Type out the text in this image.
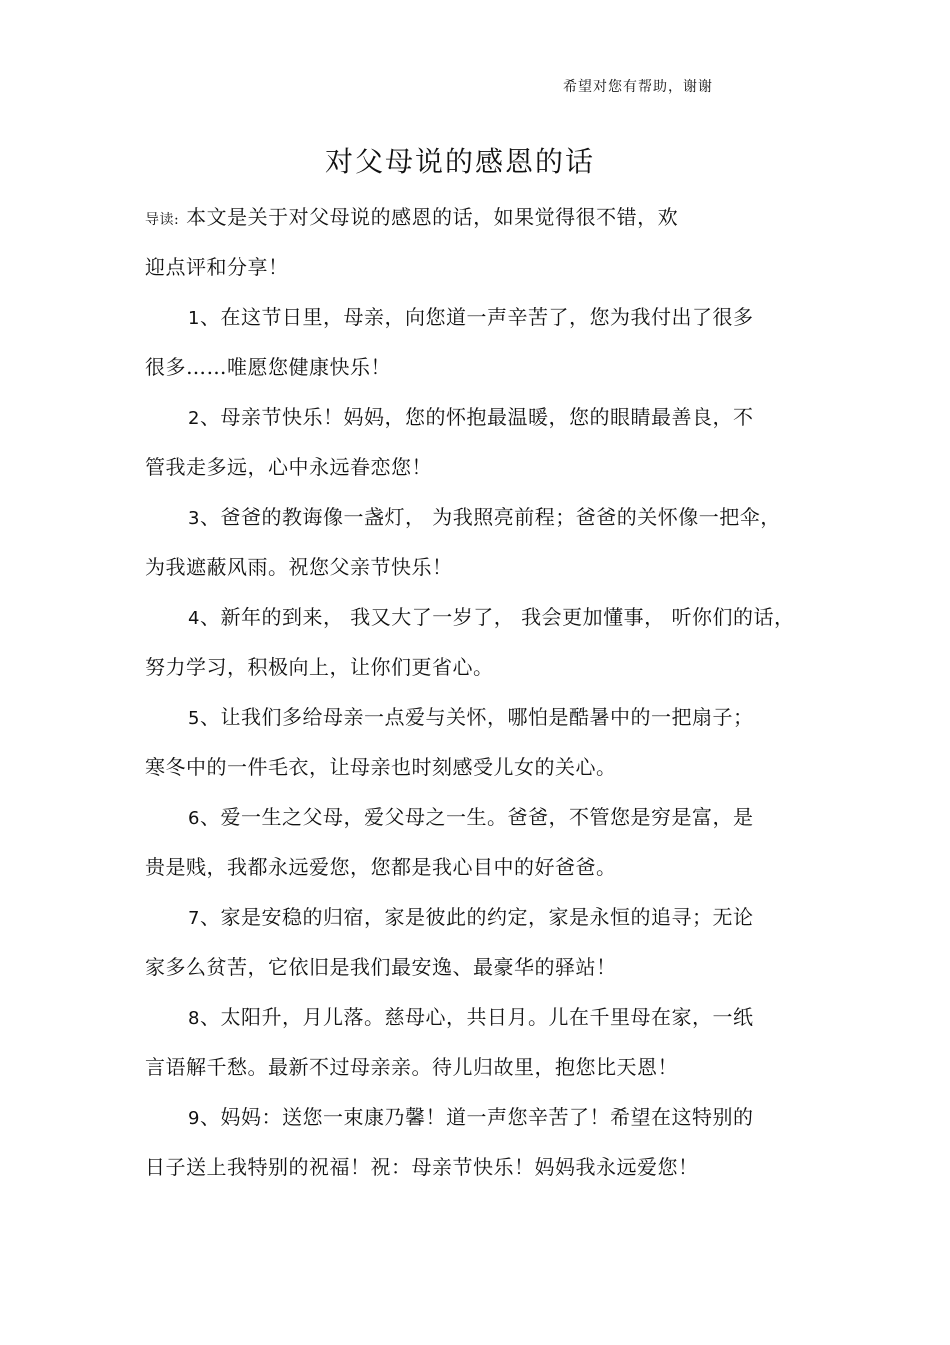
希望对您有帮助，谢谢
对父母说的感恩的话
导读: 本文是关于对父母说的感恩的话，如果觉得很不错，欢
迎点评和分享！
1、在这节日里，母亲，向您道一声辛苦了，您为我付出了很多
很多……唯愿您健康快乐！
2、母亲节快乐！妈妈，您的怀抱最温暖，您的眼睛最善良，不
管我走多远，心中永远眷恋您！
3、爸爸的教诲像一盏灯， 为我照亮前程；爸爸的关怀像一把伞，
为我遮蔽风雨。祝您父亲节快乐！
4、新年的到来， 我又大了一岁了， 我会更加懂事， 听你们的话，
努力学习，积极向上，让你们更省心。
5、让我们多给母亲一点爱与关怀，哪怕是酷暑中的一把扇子；
寒冬中的一件毛衣，让母亲也时刻感受儿女的关心。
6、爱一生之父母，爱父母之一生。爸爸，不管您是穷是富，是
贵是贱，我都永远爱您，您都是我心目中的好爸爸。
7、家是安稳的归宿，家是彼此的约定，家是永恒的追寻；无论
家多么贫苦，它依旧是我们最安逸、最豪华的驿站！
8、太阳升，月儿落。慈母心，共日月。儿在千里母在家，一纸
言语解千愁。最新不过母亲亲。待儿归故里，抱您比天恩！
9、妈妈：送您一束康乃馨！道一声您辛苦了！希望在这特别的
日子送上我特别的祝福！祝：母亲节快乐！妈妈我永远爱您！
